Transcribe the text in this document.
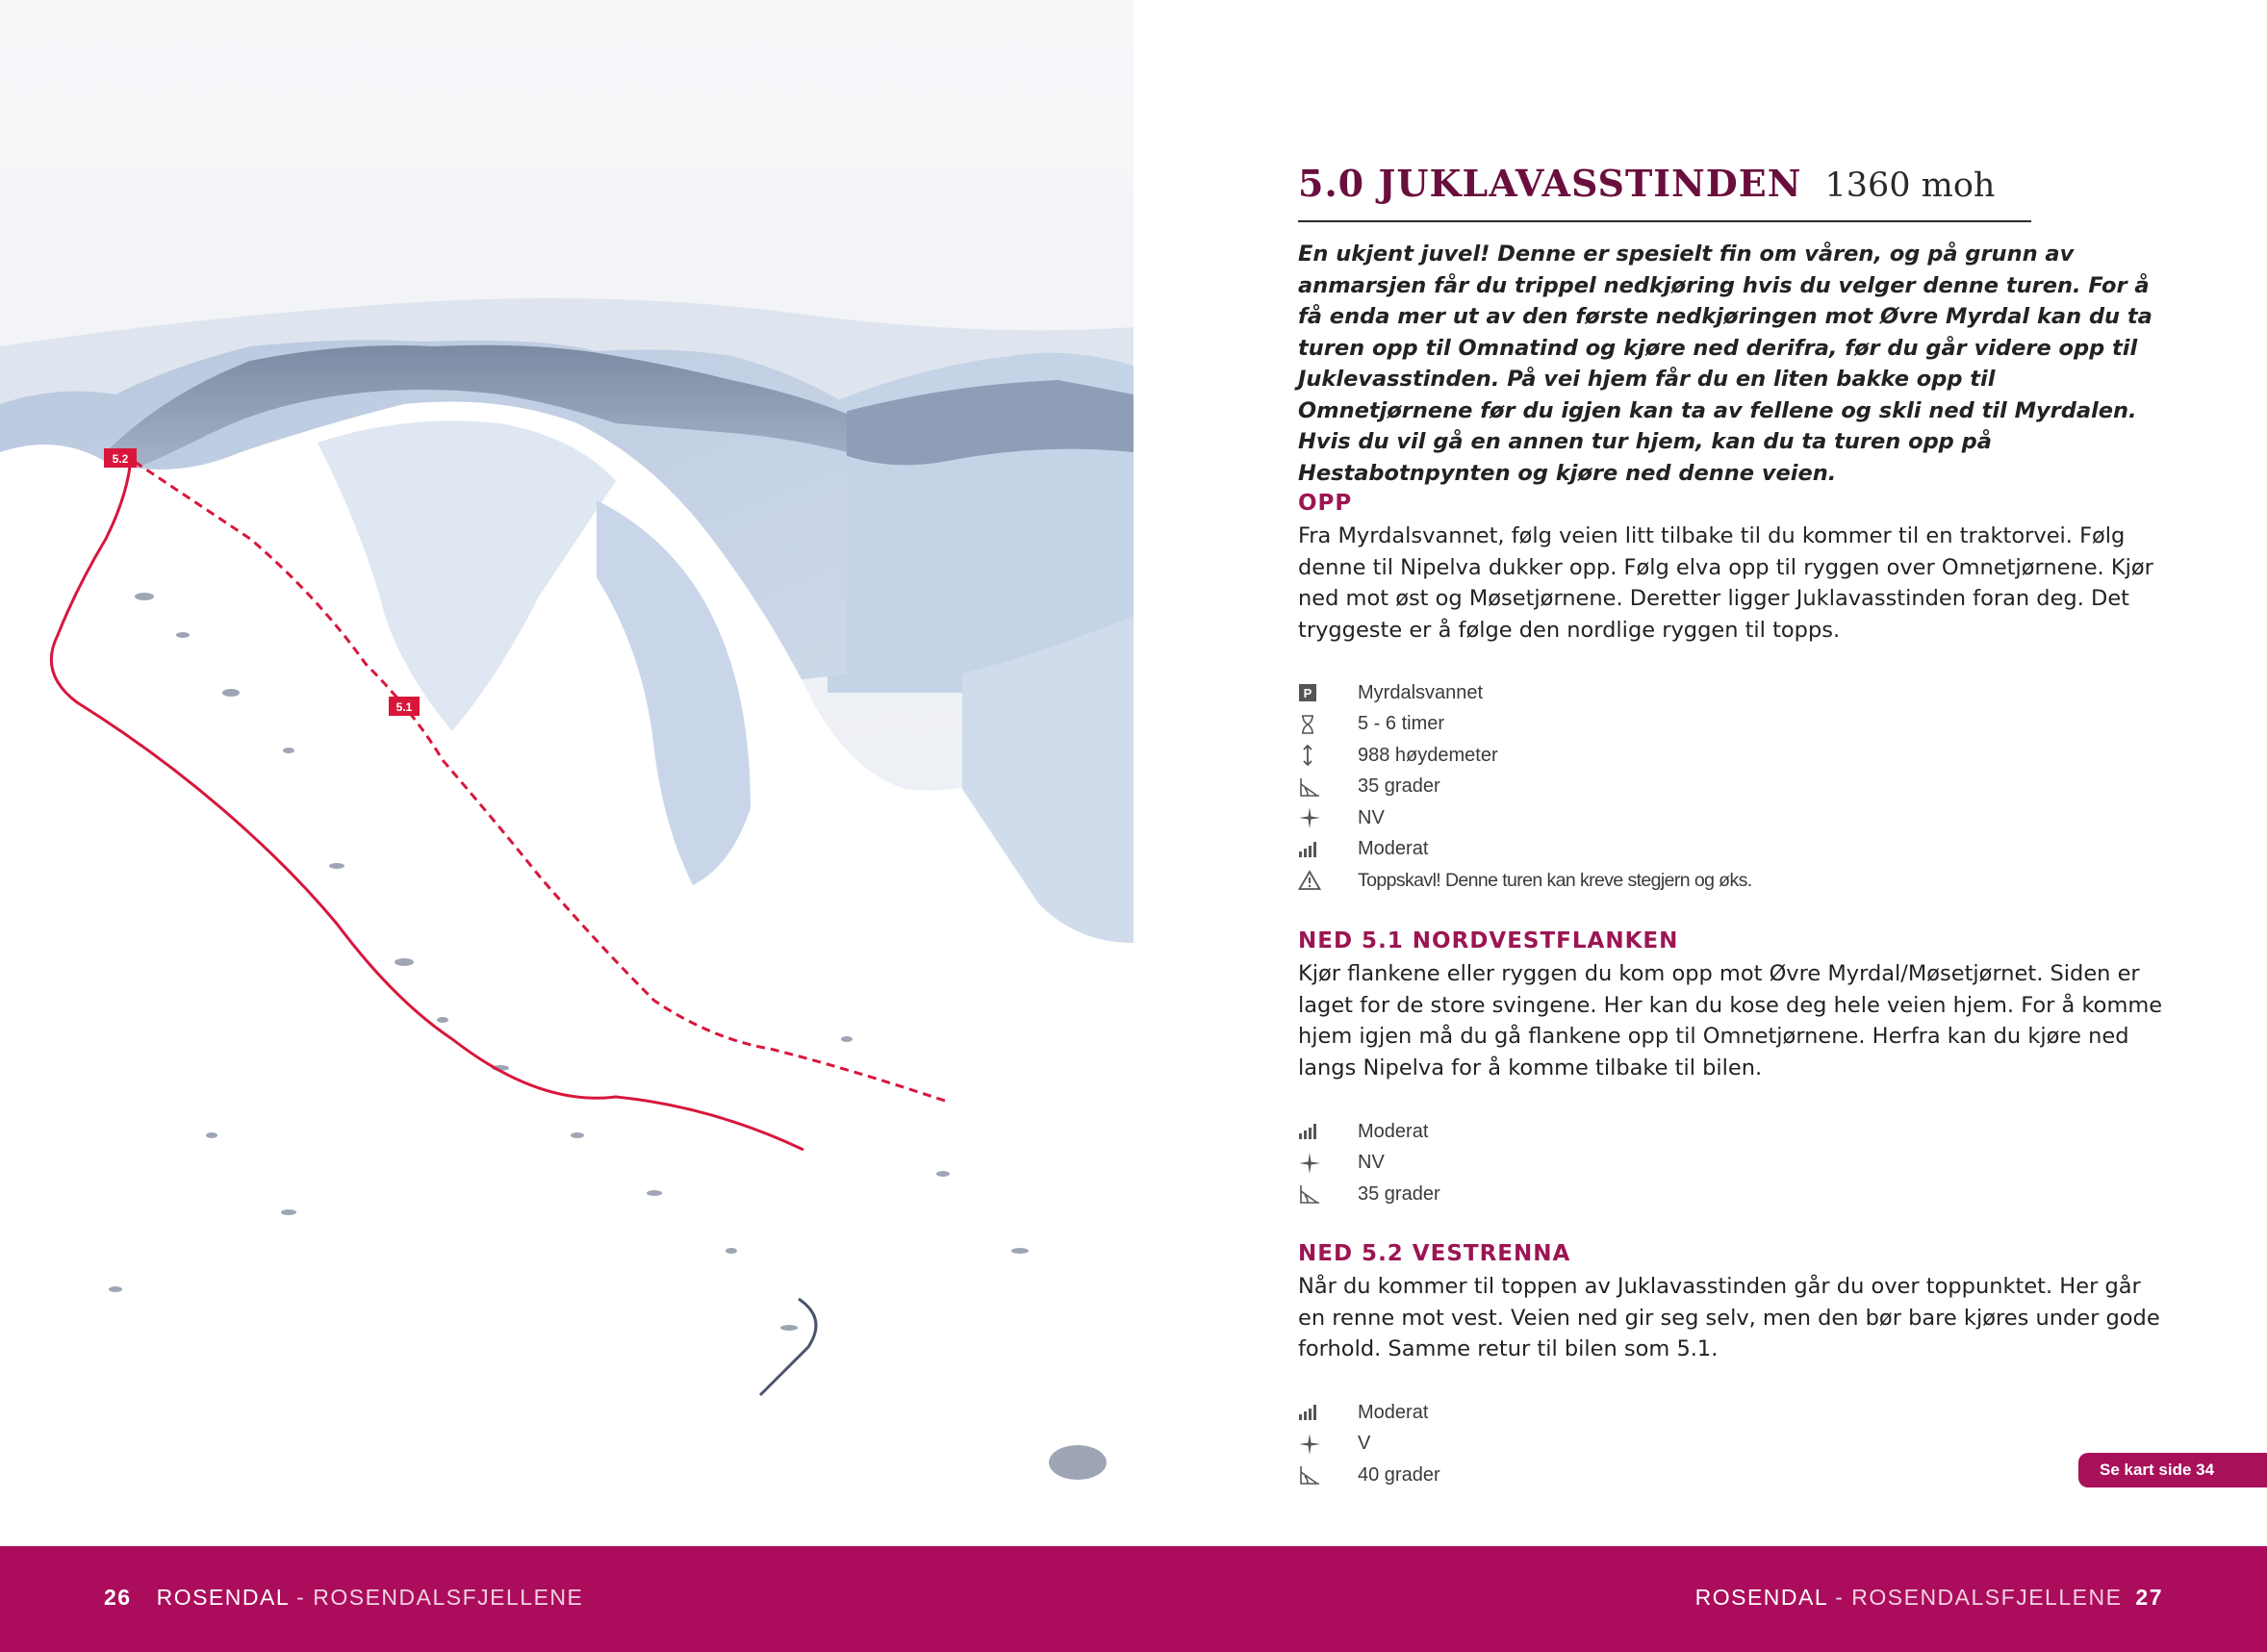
5.2
5.1
5.0 JUKLAVASSTINDEN 1360 moh
En ukjent juvel! Denne er spesielt fin om våren, og på grunn av anmarsjen får du trippel nedkjøring hvis du velger denne turen. For å få enda mer ut av den første nedkjøringen mot Øvre Myrdal kan du ta turen opp til Omnatind og kjøre ned derifra, før du går videre opp til Juklevasstinden. På vei hjem får du en liten bakke opp til Omnetjørnene før du igjen kan ta av fellene og skli ned til Myrdalen. Hvis du vil gå en annen tur hjem, kan du ta turen opp på Hestabotnpynten og kjøre ned denne veien.
OPP
Fra Myrdalsvannet, følg veien litt tilbake til du kommer til en traktorvei. Følg denne til Nipelva dukker opp. Følg elva opp til ryggen over Omnetjørnene. Kjør ned mot øst og Møsetjørnene. Deretter ligger Juklavasstinden foran deg. Det tryggeste er å følge den nordlige ryggen til topps.
P Myrdalsvannet
5 - 6 timer
988 høydemeter
35 grader
NV
Moderat
Toppskavl! Denne turen kan kreve stegjern og øks.
NED 5.1 NORDVESTFLANKEN
Kjør flankene eller ryggen du kom opp mot Øvre Myrdal/Møsetjørnet. Siden er laget for de store svingene. Her kan du kose deg hele veien hjem. For å komme hjem igjen må du gå flankene opp til Omnetjørnene. Herfra kan du kjøre ned langs Nipelva for å komme tilbake til bilen.
Moderat
NV
35 grader
NED 5.2 VESTRENNA
Når du kommer til toppen av Juklavasstinden går du over toppunktet. Her går en renne mot vest. Veien ned gir seg selv, men den bør bare kjøres under gode forhold. Samme retur til bilen som 5.1.
Moderat
V
40 grader	Se kart side 34
26 ROSENDAL - ROSENDALSFJELLENE	ROSENDAL - ROSENDALSFJELLENE 27
